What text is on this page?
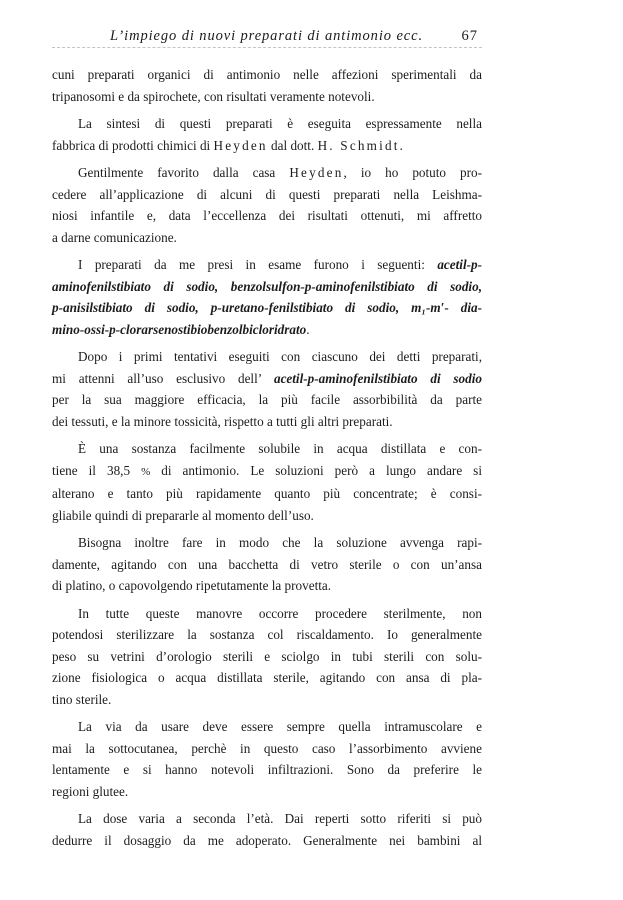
L’impiego di nuovi preparati di antimonio ecc.	67

cuni preparati organici di antimonio nelle affezioni sperimentali da
tripanosomi e da spirochete, con risultati veramente notevoli.

La sintesi di questi preparati è eseguita espressamente nella
fabbrica di prodotti chimici di Heyden dal dott. H. Schmidt.

Gentilmente favorito dalla casa Heyden, io ho potuto pro-
cedere all’applicazione di alcuni di questi preparati nella Leishma-
niosi infantile e, data l’eccellenza dei risultati ottenuti, mi affretto
a darne comunicazione.

I preparati da me presi in esame furono i seguenti: acetil-p-
aminofenilstibiato di sodio, benzolsulfon-p-aminofenilstibiato di sodio,
p-anisilstibiato di sodio, p-uretano-fenilstibiato di sodio, m₁-m′- dia-
mino-ossi-p-clorarsenostibiobenzolbicloridrato.

Dopo i primi tentativi eseguiti con ciascuno dei detti preparati,
mi attenni all’uso esclusivo dell’ acetil-p-aminofenilstibiato di sodio
per la sua maggiore efficacia, la più facile assorbibilità da parte
dei tessuti, e la minore tossicità, rispetto a tutti gli altri preparati.

È una sostanza facilmente solubile in acqua distillata e con-
tiene il 38,5 % di antimonio. Le soluzioni però a lungo andare si
alterano e tanto più rapidamente quanto più concentrate; è consi-
gliabile quindi di prepararle al momento dell’uso.

Bisogna inoltre fare in modo che la soluzione avvenga rapi-
damente, agitando con una bacchetta di vetro sterile o con un’ansa
di platino, o capovolgendo ripetutamente la provetta.

In tutte queste manovre occorre procedere sterilmente, non
potendosi sterilizzare la sostanza col riscaldamento. Io generalmente
peso su vetrini d’orologio sterili e sciolgo in tubi sterili con solu-
zione fisiologica o acqua distillata sterile, agitando con ansa di pla-
tino sterile.

La via da usare deve essere sempre quella intramuscolare e
mai la sottocutanea, perchè in questo caso l’assorbimento avviene
lentamente e si hanno notevoli infiltrazioni. Sono da preferire le
regioni glutee.

La dose varia a seconda l’età. Dai reperti sotto riferiti si può
dedurre il dosaggio da me adoperato. Generalmente nei bambini al
